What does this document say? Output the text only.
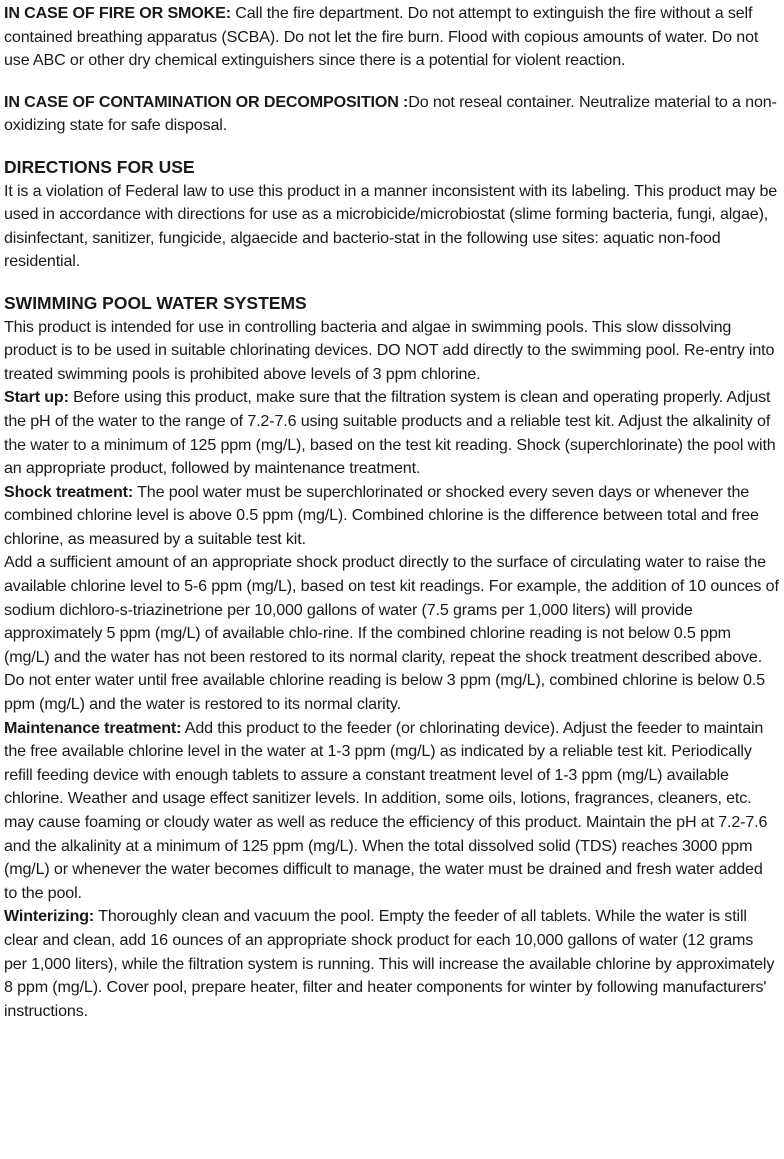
IN CASE OF FIRE OR SMOKE: Call the fire department. Do not attempt to extinguish the fire without a self contained breathing apparatus (SCBA). Do not let the fire burn. Flood with copious amounts of water. Do not use ABC or other dry chemical extinguishers since there is a potential for violent reaction.

IN CASE OF CONTAMINATION OR DECOMPOSITION :Do not reseal container. Neutralize material to a non-oxidizing state for safe disposal.

DIRECTIONS FOR USE

It is a violation of Federal law to use this product in a manner inconsistent with its labeling. This product may be used in accordance with directions for use as a microbicide/microbiostat (slime forming bacteria, fungi, algae), disinfectant, sanitizer, fungicide, algaecide and bacterio-stat in the following use sites: aquatic non-food residential.

SWIMMING POOL WATER SYSTEMS

This product is intended for use in controlling bacteria and algae in swimming pools. This slow dissolving product is to be used in suitable chlorinating devices. DO NOT add directly to the swimming pool. Re-entry into treated swimming pools is prohibited above levels of 3 ppm chlorine.

Start up: Before using this product, make sure that the filtration system is clean and operating properly. Adjust the pH of the water to the range of 7.2-7.6 using suitable products and a reliable test kit. Adjust the alkalinity of the water to a minimum of 125 ppm (mg/L), based on the test kit reading. Shock (superchlorinate) the pool with an appropriate product, followed by maintenance treatment.

Shock treatment: The pool water must be superchlorinated or shocked every seven days or whenever the combined chlorine level is above 0.5 ppm (mg/L). Combined chlorine is the difference between total and free chlorine, as measured by a suitable test kit.

Add a sufficient amount of an appropriate shock product directly to the surface of circulating water to raise the available chlorine level to 5-6 ppm (mg/L), based on test kit readings. For example, the addition of 10 ounces of sodium dichloro-s-triazinetrione per 10,000 gallons of water (7.5 grams per 1,000 liters) will provide approximately 5 ppm (mg/L) of available chlo-rine. If the combined chlorine reading is not below 0.5 ppm (mg/L) and the water has not been restored to its normal clarity, repeat the shock treatment described above. Do not enter water until free available chlorine reading is below 3 ppm (mg/L), combined chlorine is below 0.5 ppm (mg/L) and the water is restored to its normal clarity.

Maintenance treatment: Add this product to the feeder (or chlorinating device). Adjust the feeder to maintain the free available chlorine level in the water at 1-3 ppm (mg/L) as indicated by a reliable test kit. Periodically refill feeding device with enough tablets to assure a constant treatment level of 1-3 ppm (mg/L) available chlorine. Weather and usage effect sanitizer levels. In addition, some oils, lotions, fragrances, cleaners, etc. may cause foaming or cloudy water as well as reduce the efficiency of this product. Maintain the pH at 7.2-7.6 and the alkalinity at a minimum of 125 ppm (mg/L). When the total dissolved solid (TDS) reaches 3000 ppm (mg/L) or whenever the water becomes difficult to manage, the water must be drained and fresh water added to the pool.

Winterizing: Thoroughly clean and vacuum the pool. Empty the feeder of all tablets. While the water is still clear and clean, add 16 ounces of an appropriate shock product for each 10,000 gallons of water (12 grams per 1,000 liters), while the filtration system is running. This will increase the available chlorine by approximately 8 ppm (mg/L). Cover pool, prepare heater, filter and heater components for winter by following manufacturers' instructions.
